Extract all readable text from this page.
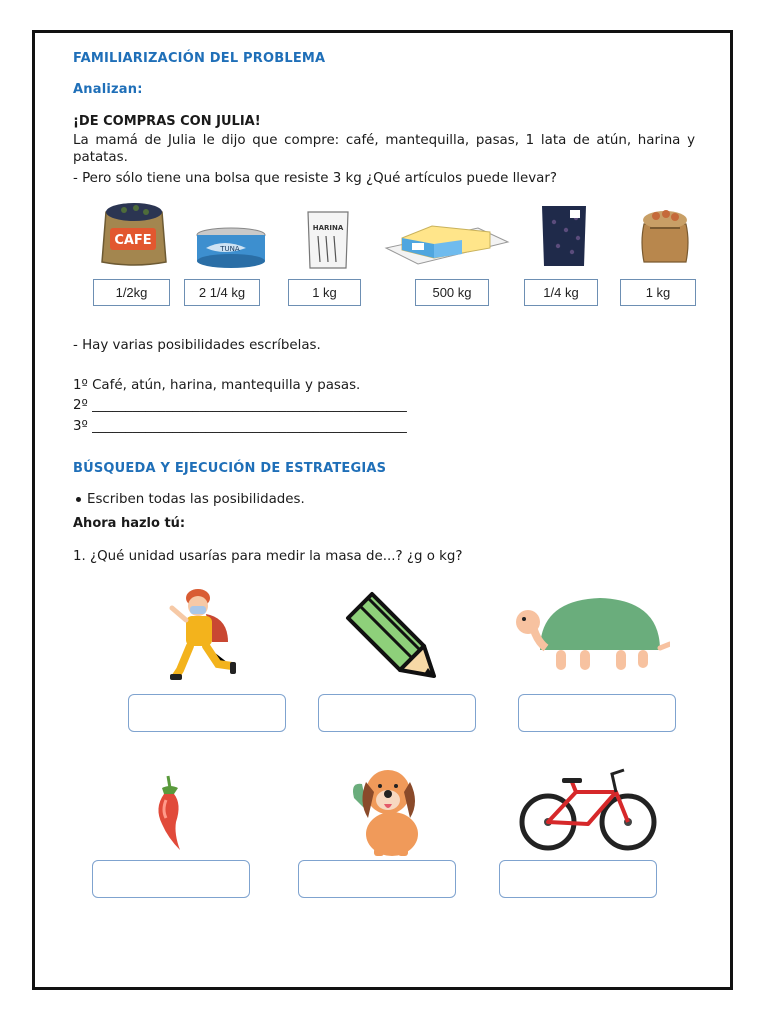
FAMILIARIZACIÓN DEL PROBLEMA
Analizan:
¡DE COMPRAS CON JULIA!
La mamá de Julia le dijo que compre: café, mantequilla, pasas, 1 lata de atún, harina y
patatas.
- Pero sólo tiene una bolsa que resiste 3 kg ¿Qué artículos puede llevar?
CAFE
TUNA
HARINA
1/2kg	2 1/4 kg	1 kg	500 kg	1/4 kg	1 kg
- Hay varias posibilidades escríbelas.
1º Café, atún, harina, mantequilla y pasas.
2º _______________________________________________
3º _______________________________________________
BÚSQUEDA Y EJECUCIÓN DE ESTRATEGIAS
Escriben todas las posibilidades.
Ahora hazlo tú:
1. ¿Qué unidad usarías para medir la masa de...? ¿g o kg?
